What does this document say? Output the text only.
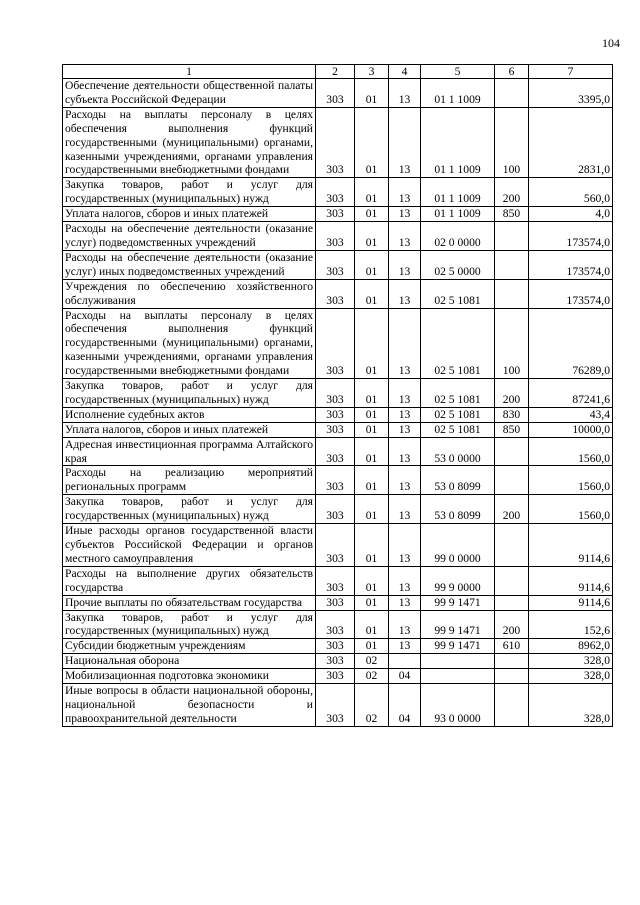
104
1	2	3	4	5	6	7
Обеспечение деятельности общественной палаты субъекта Российской Федерации	303	01	13	01 1 1009		3395,0
Расходы на выплаты персоналу в целях обеспечения выполнения функций государственными (муниципальными) органами, казенными учреждениями, органами управления государственными внебюджетными фондами	303	01	13	01 1 1009	100	2831,0
Закупка товаров, работ и услуг для государственных (муниципальных) нужд	303	01	13	01 1 1009	200	560,0
Уплата налогов, сборов и иных платежей	303	01	13	01 1 1009	850	4,0
Расходы на обеспечение деятельности (оказание услуг) подведомственных учреждений	303	01	13	02 0 0000		173574,0
Расходы на обеспечение деятельности (оказание услуг) иных подведомственных учреждений	303	01	13	02 5 0000		173574,0
Учреждения по обеспечению хозяйственного обслуживания	303	01	13	02 5 1081		173574,0
Расходы на выплаты персоналу в целях обеспечения выполнения функций государственными (муниципальными) органами, казенными учреждениями, органами управления государственными внебюджетными фондами	303	01	13	02 5 1081	100	76289,0
Закупка товаров, работ и услуг для государственных (муниципальных) нужд	303	01	13	02 5 1081	200	87241,6
Исполнение судебных актов	303	01	13	02 5 1081	830	43,4
Уплата налогов, сборов и иных платежей	303	01	13	02 5 1081	850	10000,0
Адресная инвестиционная программа Алтайского края	303	01	13	53 0 0000		1560,0
Расходы на реализацию мероприятий региональных программ	303	01	13	53 0 8099		1560,0
Закупка товаров, работ и услуг для государственных (муниципальных) нужд	303	01	13	53 0 8099	200	1560,0
Иные расходы органов государственной власти субъектов Российской Федерации и органов местного самоуправления	303	01	13	99 0 0000		9114,6
Расходы на выполнение других обязательств государства	303	01	13	99 9 0000		9114,6
Прочие выплаты по обязательствам государства	303	01	13	99 9 1471		9114,6
Закупка товаров, работ и услуг для государственных (муниципальных) нужд	303	01	13	99 9 1471	200	152,6
Субсидии бюджетным учреждениям	303	01	13	99 9 1471	610	8962,0
Национальная оборона	303	02				328,0
Мобилизационная подготовка экономики	303	02	04			328,0
Иные вопросы в области национальной обороны, национальной безопасности и правоохранительной деятельности	303	02	04	93 0 0000		328,0
